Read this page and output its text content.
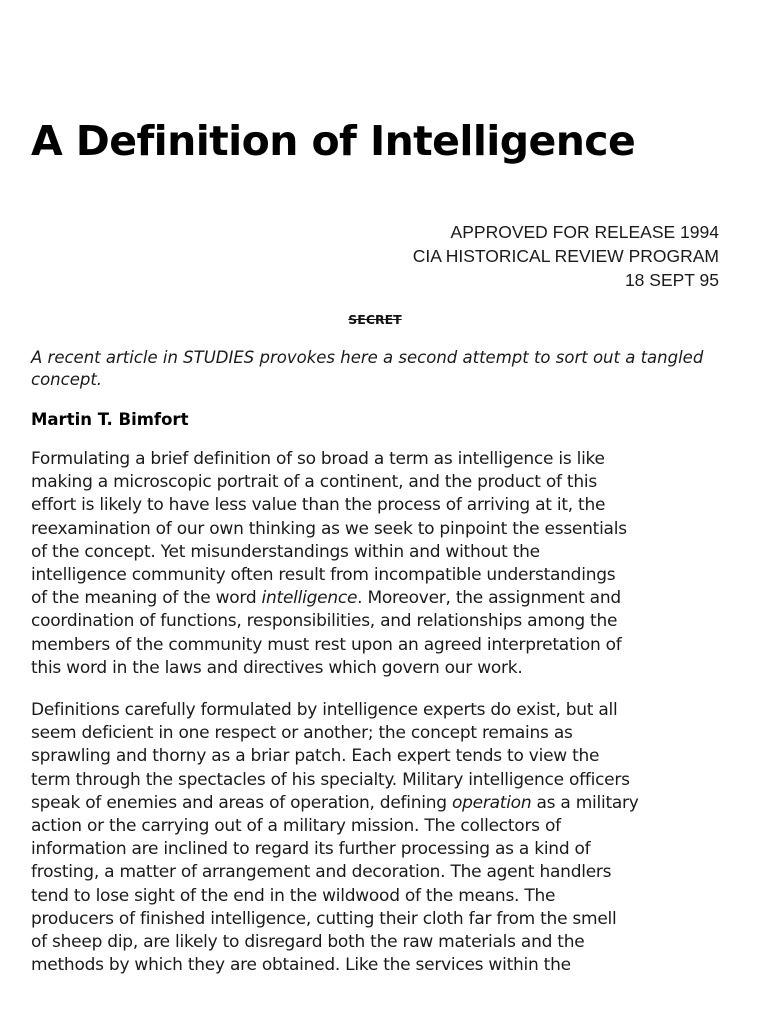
A Definition of Intelligence
APPROVED FOR RELEASE 1994
CIA HISTORICAL REVIEW PROGRAM
18 SEPT 95
SECRET

A recent article in STUDIES provokes here a second attempt to sort out a tangled concept.

Martin T. Bimfort

Formulating a brief definition of so broad a term as intelligence is like
making a microscopic portrait of a continent, and the product of this
effort is likely to have less value than the process of arriving at it, the
reexamination of our own thinking as we seek to pinpoint the essentials
of the concept. Yet misunderstandings within and without the
intelligence community often result from incompatible understandings
of the meaning of the word intelligence. Moreover, the assignment and
coordination of functions, responsibilities, and relationships among the
members of the community must rest upon an agreed interpretation of
this word in the laws and directives which govern our work.

Definitions carefully formulated by intelligence experts do exist, but all
seem deficient in one respect or another; the concept remains as
sprawling and thorny as a briar patch. Each expert tends to view the
term through the spectacles of his specialty. Military intelligence officers
speak of enemies and areas of operation, defining operation as a military
action or the carrying out of a military mission. The collectors of
information are inclined to regard its further processing as a kind of
frosting, a matter of arrangement and decoration. The agent handlers
tend to lose sight of the end in the wildwood of the means. The
producers of finished intelligence, cutting their cloth far from the smell
of sheep dip, are likely to disregard both the raw materials and the
methods by which they are obtained. Like the services within the
